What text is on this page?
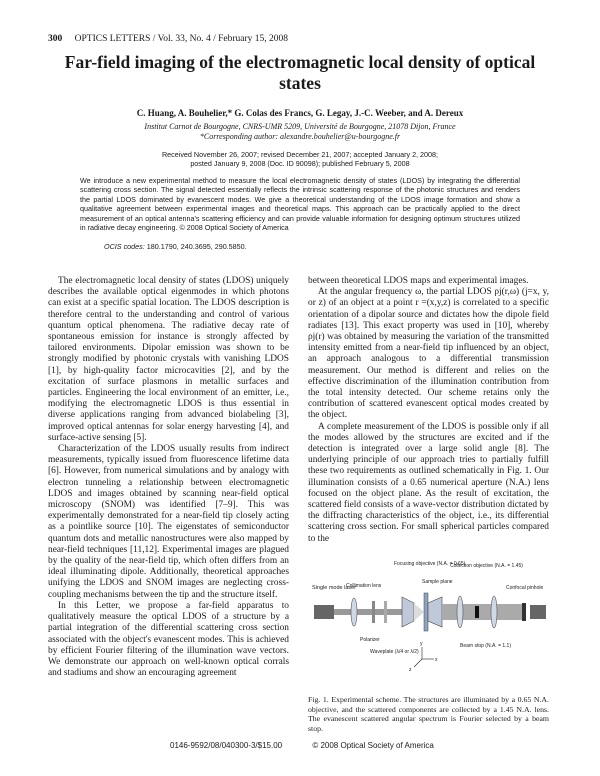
300 OPTICS LETTERS / Vol. 33, No. 4 / February 15, 2008
Far-field imaging of the electromagnetic local density of optical states
C. Huang, A. Bouhelier,* G. Colas des Francs, G. Legay, J.-C. Weeber, and A. Dereux
Institut Carnot de Bourgogne, CNRS-UMR 5209, Université de Bourgogne, 21078 Dijon, France
*Corresponding author: alexandre.bouhelier@u-bourgogne.fr
Received November 26, 2007; revised December 21, 2007; accepted January 2, 2008;
posted January 9, 2008 (Doc. ID 90098); published February 5, 2008
We introduce a new experimental method to measure the local electromagnetic density of states (LDOS) by integrating the differential scattering cross section. The signal detected essentially reflects the intrinsic scattering response of the photonic structures and renders the partial LDOS dominated by evanescent modes. We give a theoretical understanding of the LDOS image formation and show a qualitative agreement between experimental images and theoretical maps. This approach can be practically applied to the direct measurement of an optical antenna's scattering efficiency and can provide valuable information for designing optimum structures utilized in radiative decay engineering. © 2008 Optical Society of America
OCIS codes: 180.1790, 240.3695, 290.5850.

The electromagnetic local density of states (LDOS) uniquely describes the available optical eigenmodes in which photons can exist at a specific spatial location. The LDOS description is therefore central to the understanding and control of various quantum optical phenomena. The radiative decay rate of spontaneous emission for instance is strongly affected by tailored environments. Dipolar emission was shown to be strongly modified by photonic crystals with vanishing LDOS [1], by high-quality factor microcavities [2], and by the excitation of surface plasmons in metallic surfaces and particles. Engineering the local environment of an emitter, i.e., modifying the electromagnetic LDOS is thus essential in diverse applications ranging from advanced biolabeling [3], improved optical antennas for solar energy harvesting [4], and surface-active sensing [5].

Characterization of the LDOS usually results from indirect measurements, typically issued from fluorescence lifetime data [6]. However, from numerical simulations and by analogy with electron tunneling a relationship between electromagnetic LDOS and images obtained by scanning near-field optical microscopy (SNOM) was identified [7–9]. This was experimentally demonstrated for a near-field tip closely acting as a pointlike source [10]. The eigenstates of semiconductor quantum dots and metallic nanostructures were also mapped by near-field techniques [11,12]. Experimental images are plagued by the quality of the near-field tip, which often differs from an ideal illuminating dipole. Additionally, theoretical approaches unifying the LDOS and SNOM images are neglecting cross-coupling mechanisms between the tip and the structure itself.

In this Letter, we propose a far-field apparatus to qualitatively measure the optical LDOS of a structure by a partial integration of the differential scattering cross section associated with the object's evanescent modes. This is achieved by efficient Fourier filtering of the illumination wave vectors. We demonstrate our approach on well-known optical corrals and stadiums and show an encouraging agreement

between theoretical LDOS maps and experimental images.

At the angular frequency ω, the partial LDOS ρj(r,ω) (j=x, y, or z) of an object at a point r =(x,y,z) is correlated to a specific orientation of a dipolar source and dictates how the dipole field radiates [13]. This exact property was used in [10], whereby ρj(r) was obtained by measuring the variation of the transmitted intensity emitted from a near-field tip influenced by an object, an approach analogous to a differential transmission measurement. Our method is different and relies on the effective discrimination of the illumination contribution from the total intensity detected. Our scheme retains only the contribution of scattered evanescent optical modes created by the object.

A complete measurement of the LDOS is possible only if all the modes allowed by the structures are excited and if the detection is integrated over a large solid angle [8]. The underlying principle of our approach tries to partially fulfill these two requirements as outlined schematically in Fig. 1. Our illumination consists of a 0.65 numerical aperture (N.A.) lens focused on the object plane. As the result of excitation, the scattered field consists of a wave-vector distribution dictated by the diffracting characteristics of the object, i.e., its differential scattering cross section. For small spherical particles compared to the

Single mode laser
Collimation lens
Polarizer
Waveplate (λ/4 or λ/2)
Focusing objective (N.A. = 0.65)
Sample plane
x
y
z
Collection objective (N.A. = 1.45)
Beam stop (N.A. = 1.1)
Confocal pinhole
Fig. 1. Experimental scheme. The structures are illuminated by a 0.65 N.A. objective, and the scattered components are collected by a 1.45 N.A. lens. The evanescent scattered angular spectrum is Fourier selected by a beam stop.
0146-9592/08/040300-3/$15.00	© 2008 Optical Society of America
